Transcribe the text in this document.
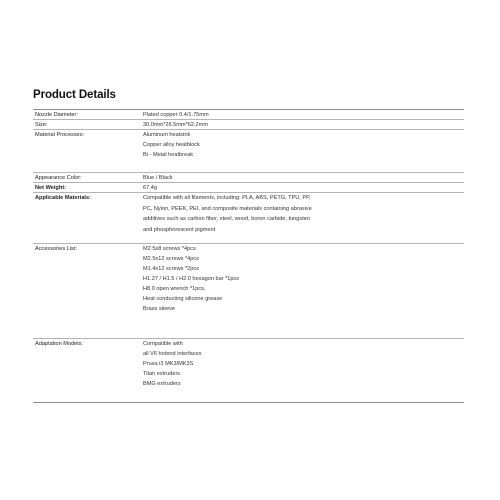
Product Details
Nozzle Diameter:	Plated copper 0.4/1.75mm
Size:	30.0mm*26.5mm*62.2mm
Material Processes:	Aluminum heatsink
Copper alloy heatblock
Bi - Metal heatbreak
Appearance Color:	Blue / Black
Net Weight:	67.4g
Applicable Materials:	Compatible with all filaments, including: PLA, ABS, PETG, TPU, PP,
PC, Nylon, PEEK, PEI, and composite materials containing abrasive
additives such as carbon fiber, steel, wood, boron carbide, tungsten
and phosphorescent pigment
Accessories List:	M2.5x8 screws *4pcs
M2.5x12 screws *4pcs
M1.4x12 screws *2pcs
H1.27 / H1.5 / H2.0 hexagon bar *1pcs
H8.0 open wrench *1pcs,
Heat conducting silicone grease
Brass sleeve
Adaptation Models:	Compatible with
all V6 hotend interfaces
Prusa i3 MK3/MK3S
Titan extruders
BMG extruders
